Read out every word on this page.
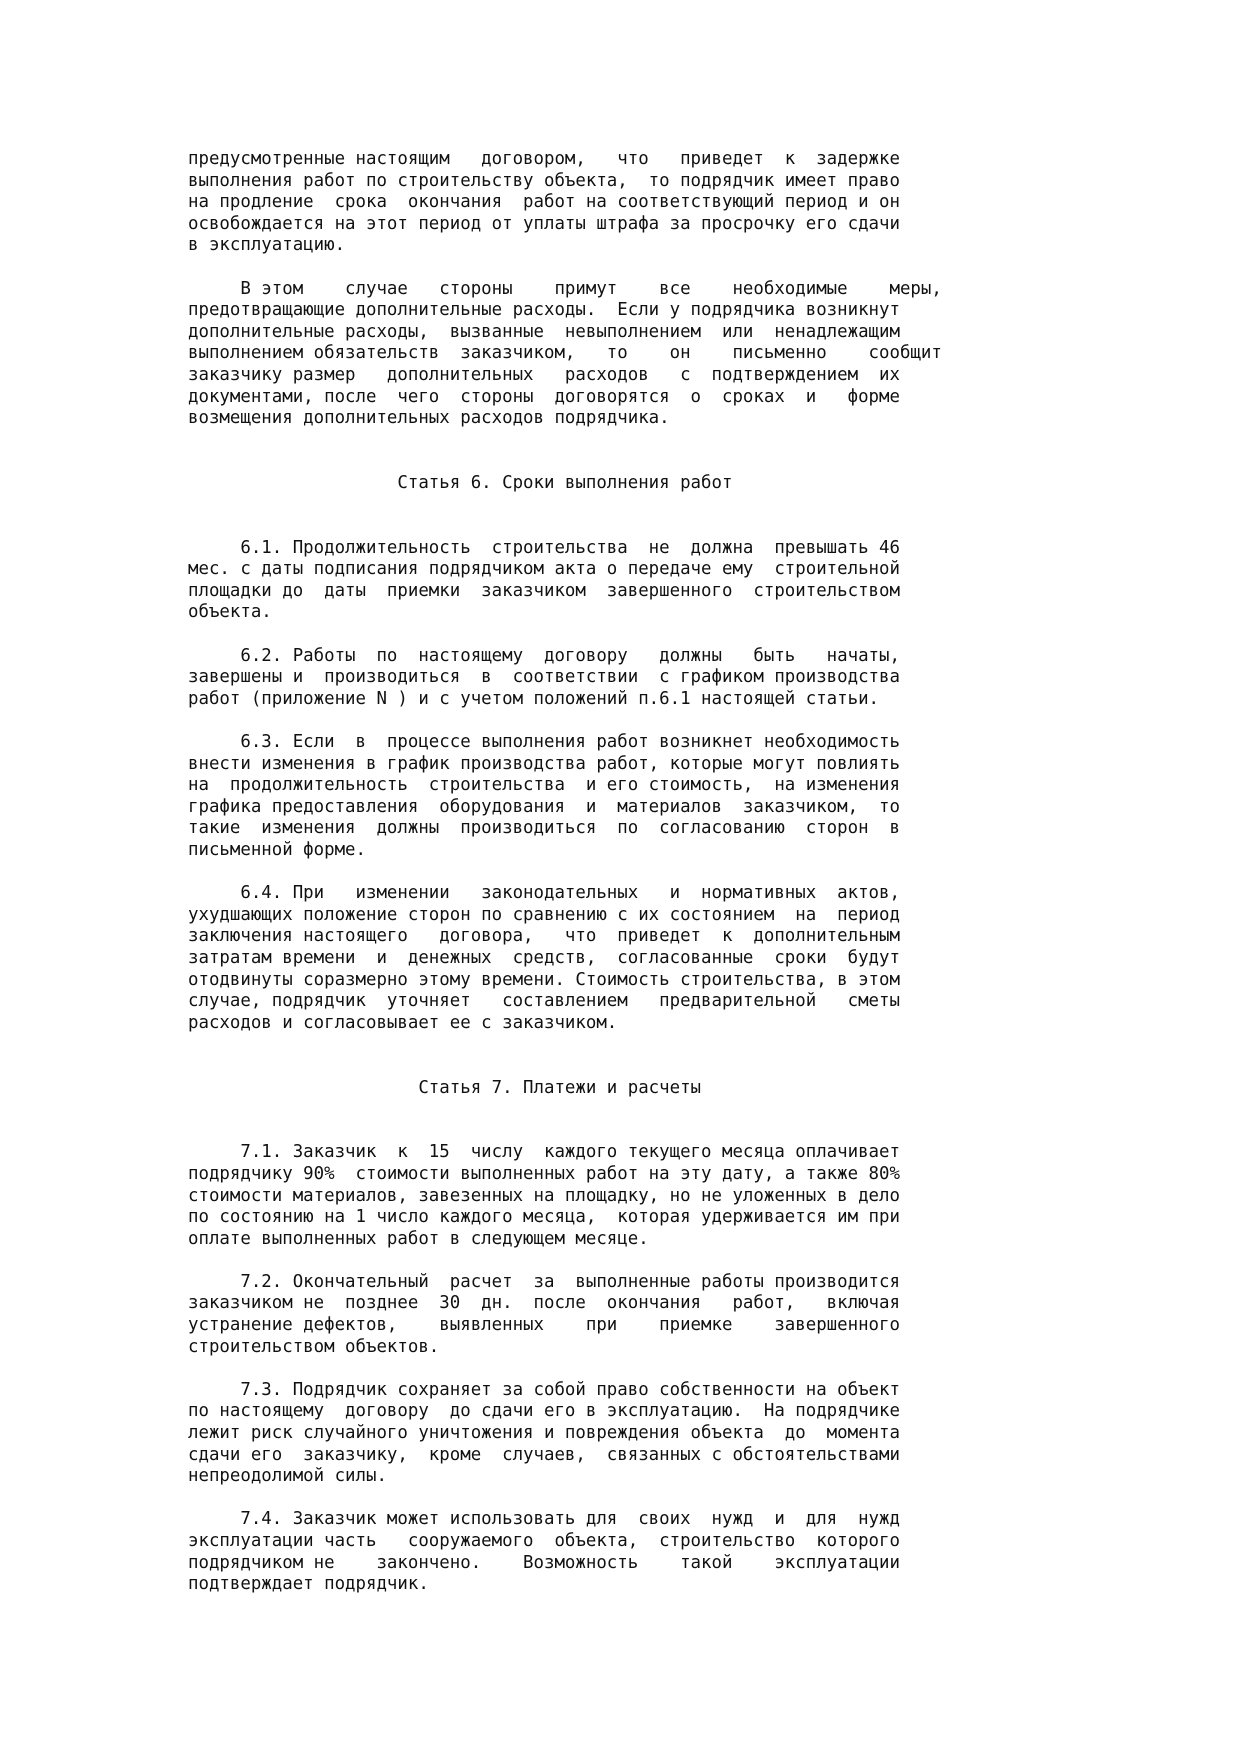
предусмотренные настоящим   договором,   что   приведет  к  задержке
выполнения работ по строительству объекта,  то подрядчик имеет право
на продление  срока  окончания  работ на соответствующий период и он
освобождается на этот период от уплаты штрафа за просрочку его сдачи
в эксплуатацию.
В этом    случае   стороны    примут    все    необходимые    меры,
предотвращающие дополнительные расходы.  Если у подрядчика возникнут
дополнительные расходы,  вызванные  невыполнением  или  ненадлежащим
выполнением обязательств  заказчиком,   то    он    письменно    сообщит
заказчику размер   дополнительных   расходов   с  подтверждением  их
документами, после  чего  стороны  договорятся  о  сроках  и   форме
возмещения дополнительных расходов подрядчика.
Статья 6. Сроки выполнения работ
6.1. Продолжительность  строительства  не  должна  превышать 46
мес. с даты подписания подрядчиком акта о передаче ему  строительной
площадки до  даты  приемки  заказчиком  завершенного  строительством
объекта.
6.2. Работы  по  настоящему  договору   должны   быть   начаты,
завершены и  производиться  в  соответствии  с графиком производства
работ (приложение N ) и с учетом положений п.6.1 настоящей статьи.
6.3. Если  в  процессе выполнения работ возникнет необходимость
внести изменения в график производства работ, которые могут повлиять
на  продолжительность  строительства  и его стоимость,  на изменения
графика предоставления  оборудования  и  материалов  заказчиком,  то
такие  изменения  должны  производиться  по  согласованию  сторон  в
письменной форме.
6.4. При   изменении   законодательных   и  нормативных  актов,
ухудшающих положение сторон по сравнению с их состоянием  на  период
заключения настоящего   договора,   что  приведет  к  дополнительным
затратам времени  и  денежных  средств,  согласованные  сроки  будут
отодвинуты соразмерно этому времени. Стоимость строительства, в этом
случае, подрядчик  уточняет   составлением   предварительной   сметы
расходов и согласовывает ее с заказчиком.
Статья 7. Платежи и расчеты
7.1. Заказчик  к  15  числу  каждого текущего месяца оплачивает
подрядчику 90%  стоимости выполненных работ на эту дату, а также 80%
стоимости материалов, завезенных на площадку, но не уложенных в дело
по состоянию на 1 число каждого месяца,  которая удерживается им при
оплате выполненных работ в следующем месяце.
7.2. Окончательный  расчет  за  выполненные работы производится
заказчиком не  позднее  30  дн.  после  окончания   работ,   включая
устранение дефектов,    выявленных    при    приемке    завершенного
строительством объектов.
7.3. Подрядчик сохраняет за собой право собственности на объект
по настоящему  договору  до сдачи его в эксплуатацию.  На подрядчике
лежит риск случайного уничтожения и повреждения объекта  до  момента
сдачи его  заказчику,  кроме  случаев,  связанных с обстоятельствами
непреодолимой силы.
7.4. Заказчик может использовать для  своих  нужд  и  для  нужд
эксплуатации часть   сооружаемого  объекта,  строительство  которого
подрядчиком не    закончено.    Возможность    такой    эксплуатации
подтверждает подрядчик.
